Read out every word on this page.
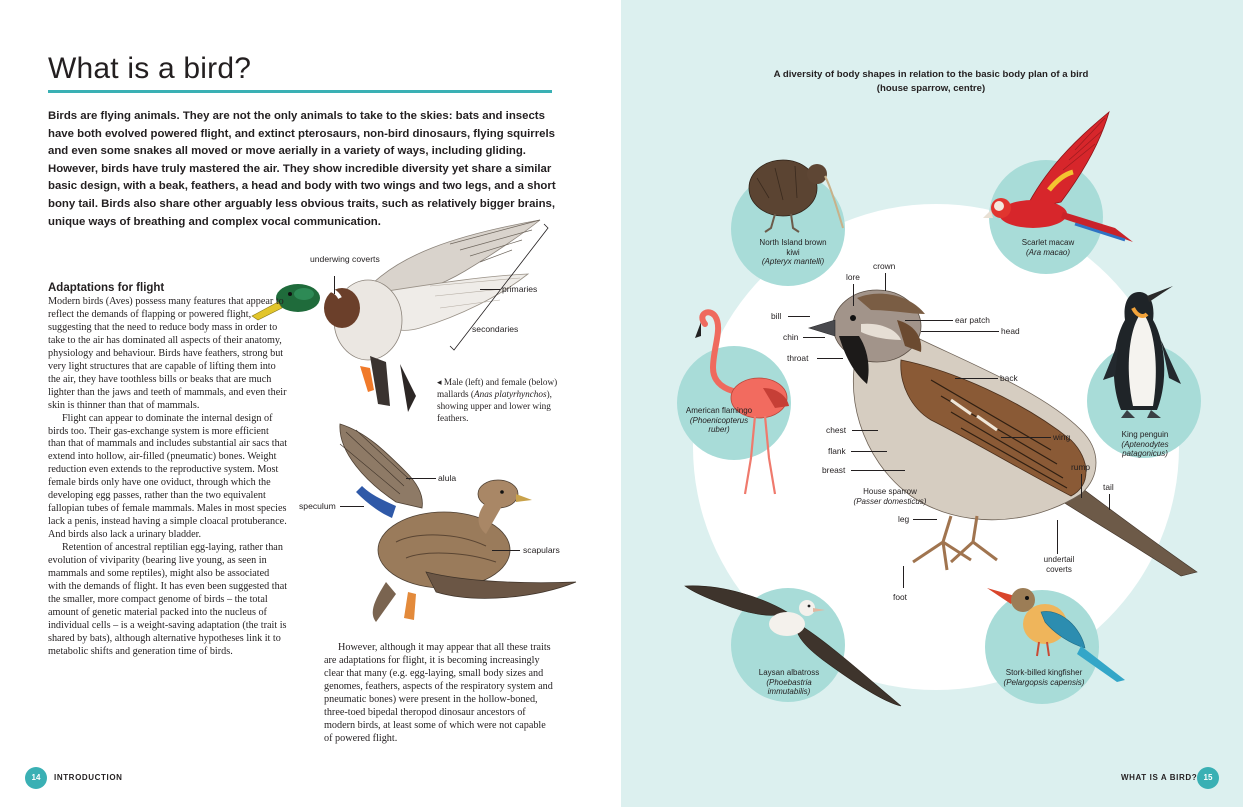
What is a bird?

Birds are flying animals. They are not the only animals to take to the skies: bats and insects have both evolved powered flight, and extinct pterosaurs, non-bird dinosaurs, flying squirrels and even some snakes all moved or move aerially in a variety of ways, including gliding. However, birds have truly mastered the air. They show incredible diversity yet share a similar basic design, with a beak, feathers, a head and body with two wings and two legs, and a short bony tail. Birds also share other arguably less obvious traits, such as relatively bigger brains, unique ways of breathing and complex vocal communication.

underwing coverts
primaries
secondaries
◂ Male (left) and female (below) mallards (Anas platyrhynchos), showing upper and lower wing feathers.
alula
speculum
scapulars
Adaptations for flight

Modern birds (Aves) possess many features that appear to reflect the demands of flapping or powered flight, suggesting that the need to reduce body mass in order to take to the air has dominated all aspects of their anatomy, physiology and behaviour. Birds have feathers, strong but very light structures that are capable of lifting them into the air, they have toothless bills or beaks that are much lighter than the jaws and teeth of mammals, and even their skin is thinner than that of mammals.

Flight can appear to dominate the internal design of birds too. Their gas-exchange system is more efficient than that of mammals and includes substantial air sacs that extend into hollow, air-filled (pneumatic) bones. Weight reduction even extends to the reproductive system. Most female birds only have one oviduct, through which the developing egg passes, rather than the two equivalent fallopian tubes of female mammals. Males in most species lack a penis, instead having a simple cloacal protuberance. And birds also lack a urinary bladder.

Retention of ancestral reptilian egg-laying, rather than evolution of viviparity (bearing live young, as seen in mammals and some reptiles), might also be associated with the demands of flight. It has even been suggested that the smaller, more compact genome of birds – the total amount of genetic material packed into the nucleus of individual cells – is a weight-saving adaptation (the trait is shared by bats), although alternative hypotheses link it to metabolic shifts and generation time of birds.	However, although it may appear that all these traits are adaptations for flight, it is becoming increasingly clear that many (e.g. egg-laying, small body sizes and genomes, feathers, aspects of the respiratory system and pneumatic bones) were present in the hollow-boned, three-toed bipedal theropod dinosaur ancestors of modern birds, at least some of which were not capable of powered flight.

14	INTRODUCTION
A diversity of body shapes in relation to the basic body plan of a bird (house sparrow, centre)
North Island brown kiwi
(Apteryx mantelli)
Scarlet macaw
(Ara macao)
American flamingo
(Phoenicopterus ruber)
King penguin
(Aptenodytes patagonicus)
Laysan albatross
(Phoebastria immutabilis)
Stork-billed kingfisher
(Pelargopsis capensis)
lore
crown
bill	ear patch
chin
head
throat
back
chest
wing
flank
breast	rump
tail
House sparrow
(Passer domesticus)
leg
undertail coverts
foot
WHAT IS A BIRD? 15
